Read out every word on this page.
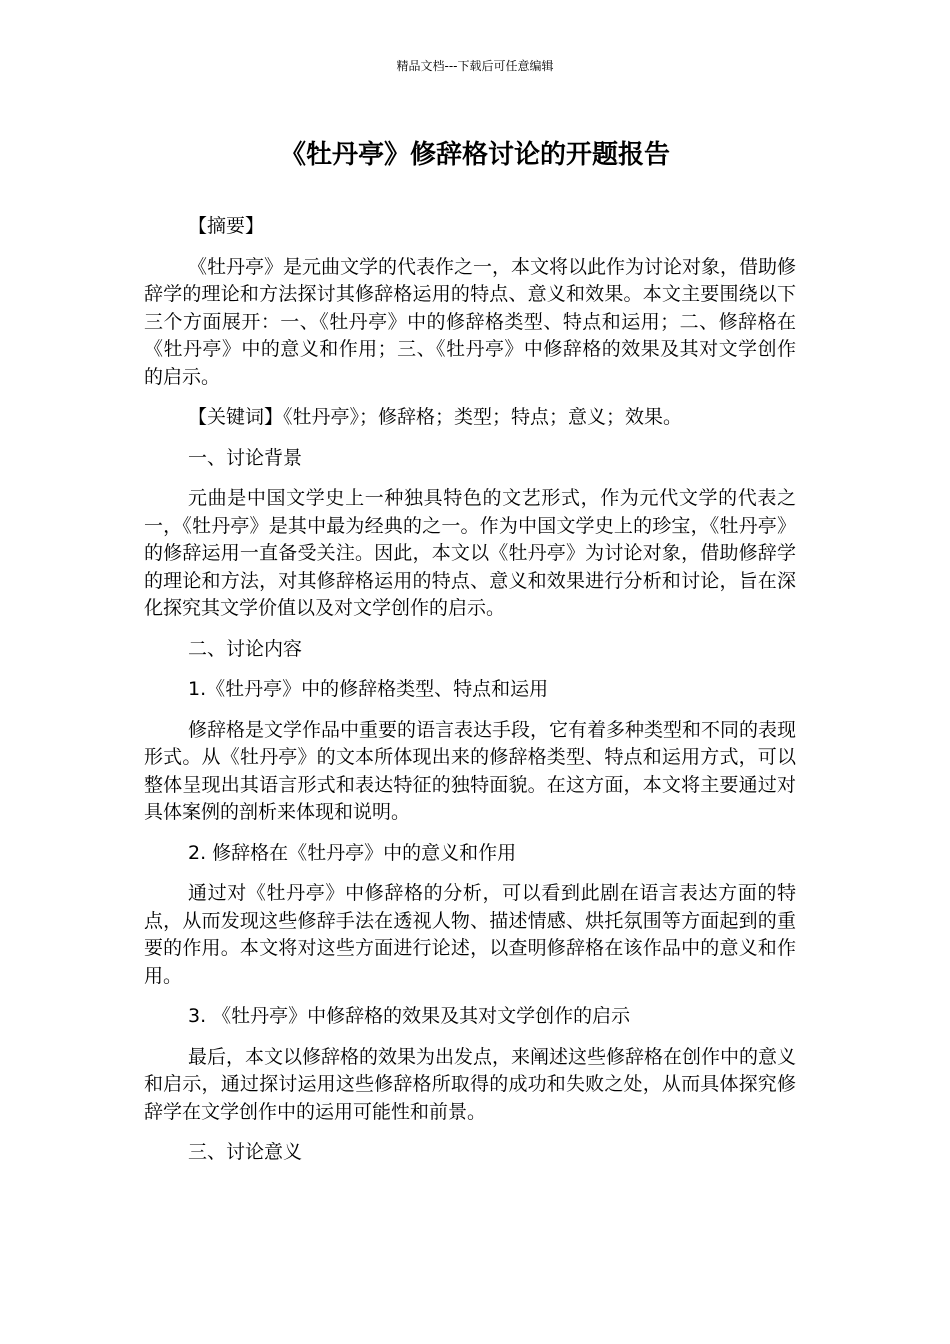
精品文档---下载后可任意编辑
《牡丹亭》修辞格讨论的开题报告

【摘要】

《牡丹亭》是元曲文学的代表作之一，本文将以此作为讨论对象，借助修辞学的理论和方法探讨其修辞格运用的特点、意义和效果。本文主要围绕以下三个方面展开：一、《牡丹亭》中的修辞格类型、特点和运用；二、修辞格在《牡丹亭》中的意义和作用；三、《牡丹亭》中修辞格的效果及其对文学创作的启示。

【关键词】《牡丹亭》；修辞格；类型；特点；意义；效果。

一、讨论背景

元曲是中国文学史上一种独具特色的文艺形式，作为元代文学的代表之一，《牡丹亭》是其中最为经典的之一。作为中国文学史上的珍宝，《牡丹亭》的修辞运用一直备受关注。因此，本文以《牡丹亭》为讨论对象，借助修辞学的理论和方法，对其修辞格运用的特点、意义和效果进行分析和讨论，旨在深化探究其文学价值以及对文学创作的启示。

二、讨论内容

1.《牡丹亭》中的修辞格类型、特点和运用

修辞格是文学作品中重要的语言表达手段，它有着多种类型和不同的表现形式。从《牡丹亭》的文本所体现出来的修辞格类型、特点和运用方式，可以整体呈现出其语言形式和表达特征的独特面貌。在这方面，本文将主要通过对具体案例的剖析来体现和说明。

2. 修辞格在《牡丹亭》中的意义和作用

通过对《牡丹亭》中修辞格的分析，可以看到此剧在语言表达方面的特点，从而发现这些修辞手法在透视人物、描述情感、烘托氛围等方面起到的重要的作用。本文将对这些方面进行论述，以查明修辞格在该作品中的意义和作用。

3. 《牡丹亭》中修辞格的效果及其对文学创作的启示

最后，本文以修辞格的效果为出发点，来阐述这些修辞格在创作中的意义和启示，通过探讨运用这些修辞格所取得的成功和失败之处，从而具体探究修辞学在文学创作中的运用可能性和前景。

三、讨论意义
